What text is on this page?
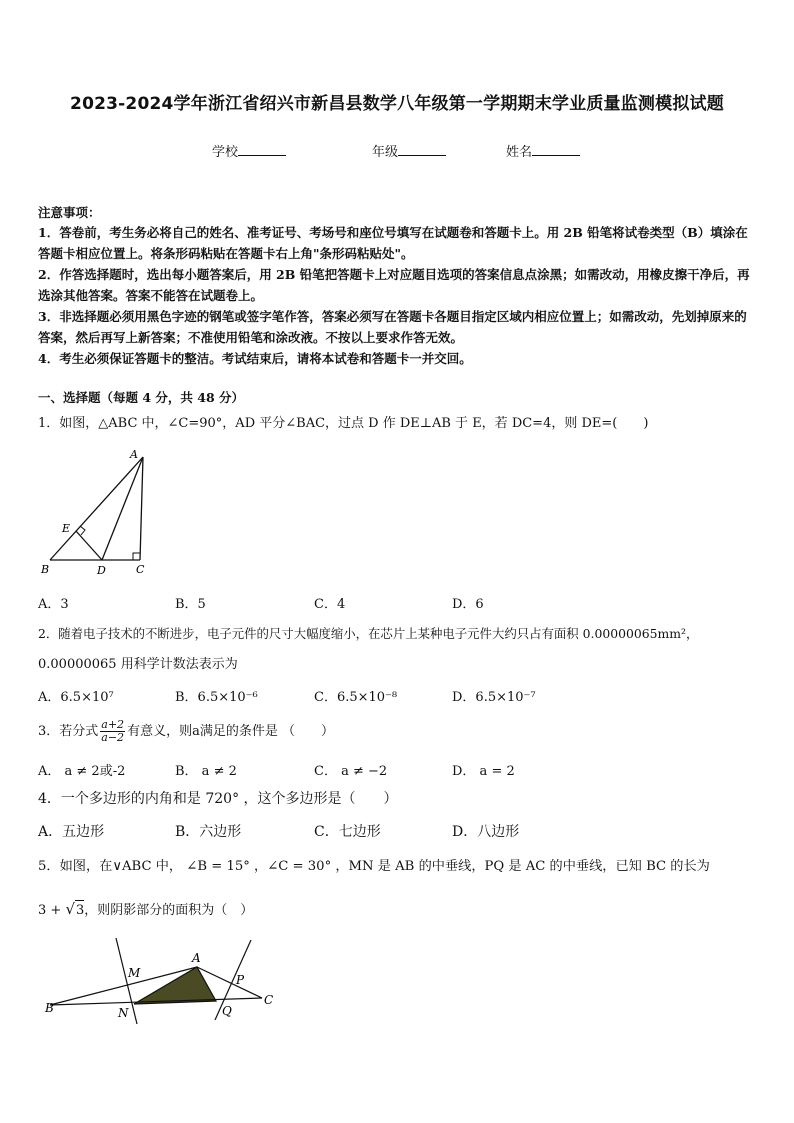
2023-2024学年浙江省绍兴市新昌县数学八年级第一学期期末学业质量监测模拟试题
学校	年级	姓名
注意事项：

1．答卷前，考生务必将自己的姓名、准考证号、考场号和座位号填写在试题卷和答题卡上。用 2B 铅笔将试卷类型（B）填涂在答题卡相应位置上。将条形码粘贴在答题卡右上角"条形码粘贴处"。

2．作答选择题时，选出每小题答案后，用 2B 铅笔把答题卡上对应题目选项的答案信息点涂黑；如需改动，用橡皮擦干净后，再选涂其他答案。答案不能答在试题卷上。

3．非选择题必须用黑色字迹的钢笔或签字笔作答，答案必须写在答题卡各题目指定区域内相应位置上；如需改动，先划掉原来的答案，然后再写上新答案；不准使用铅笔和涂改液。不按以上要求作答无效。

4．考生必须保证答题卡的整洁。考试结束后，请将本试卷和答题卡一并交回。

一、选择题（每题 4 分，共 48 分）
1．如图，△ABC 中，∠C=90°，AD 平分∠BAC，过点 D 作 DE⊥AB 于 E，若 DC=4，则 DE=(　　)
A
E
B	D	C
A．3	B．5	C．4	D．6
2．随着电子技术的不断进步，电子元件的尺寸大幅度缩小，在芯片上某种电子元件大约只占有面积 0.00000065mm²，
0.00000065 用科学计数法表示为
A．6.5×10⁷	B．6.5×10⁻⁶	C．6.5×10⁻⁸	D．6.5×10⁻⁷
3．若分式 $\frac{a+2}{a-2}$ 有意义，则a满足的条件是 （　　）
A． a ≠ 2或-2	B． a ≠ 2	C． a ≠ −2	D． a = 2
4．一个多边形的内角和是 720° ，这个多边形是（　　）
A．五边形	B．六边形	C．七边形	D．八边形
5．如图，在∨ABC 中， ∠B = 15° ，∠C = 30° ，MN 是 AB 的中垂线，PQ 是 AC 的中垂线，已知 BC 的长为
3 + √3，则阴影部分的面积为（　）
A
M	P
B
C
N	Q
